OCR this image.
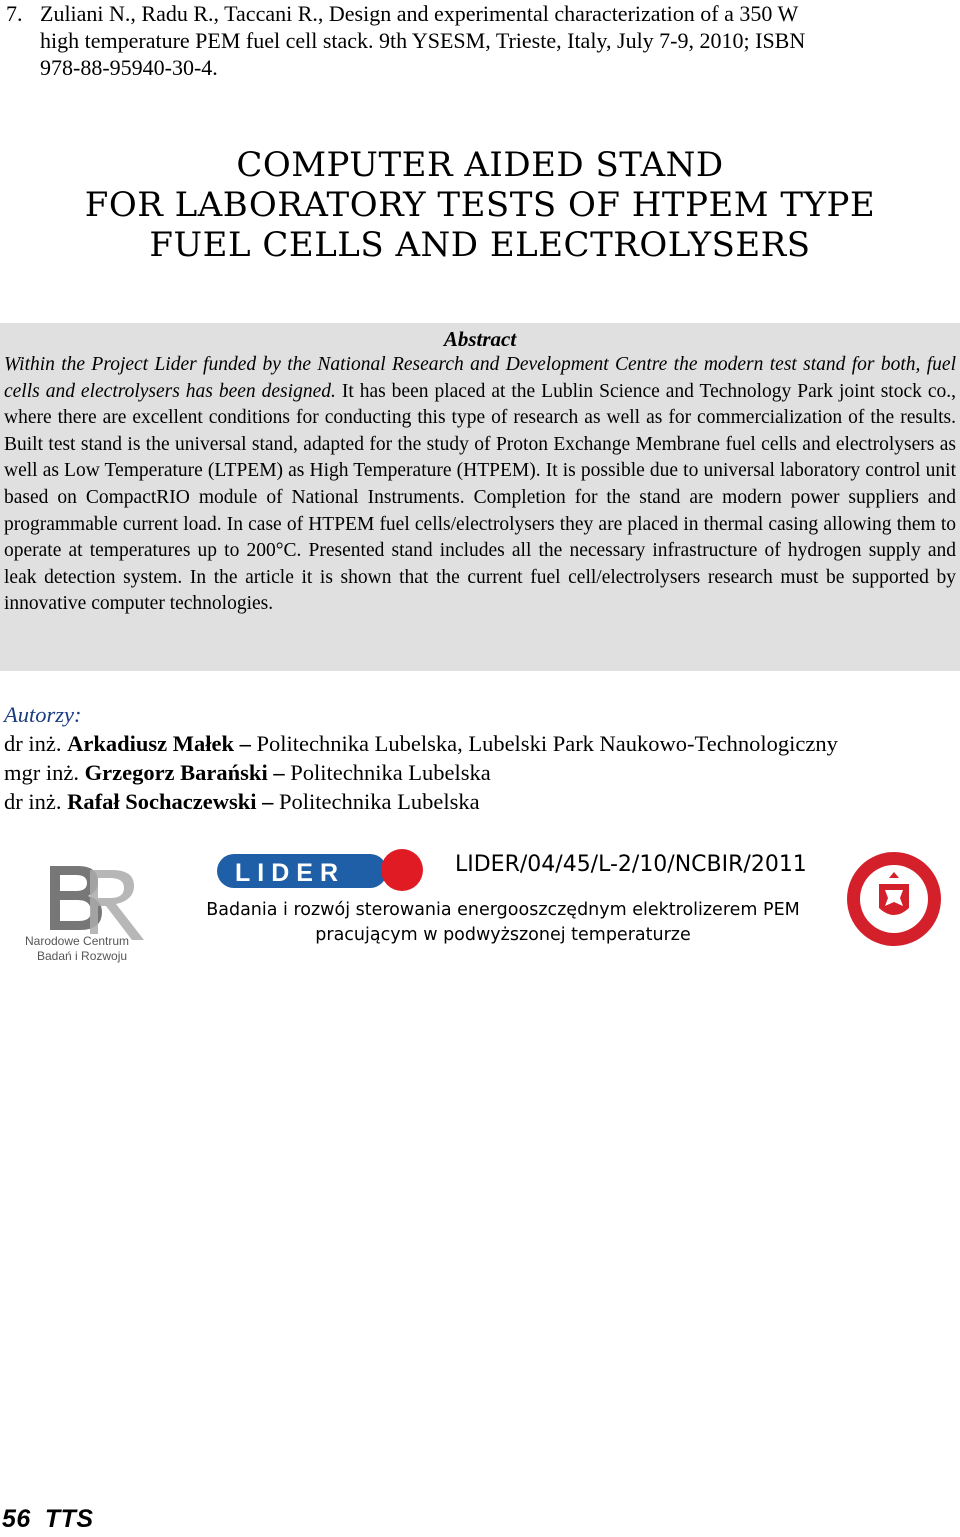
7. Zuliani N., Radu R., Taccani R., Design and experimental characterization of a 350 W
high temperature PEM fuel cell stack. 9th YSESM, Trieste, Italy, July 7-9, 2010; ISBN
978-88-95940-30-4.
COMPUTER AIDED STAND
FOR LABORATORY TESTS OF HTPEM TYPE
FUEL CELLS AND ELECTROLYSERS
Abstract
Within the Project Lider funded by the National Research and Development Centre the modern test stand for both, fuel cells and electrolysers has been designed. It has been placed at the Lublin Science and Technology Park joint stock co., where there are excellent conditions for conducting this type of research as well as for commercialization of the results. Built test stand is the universal stand, adapted for the study of Proton Exchange Membrane fuel cells and electrolysers as well as Low Temperature (LTPEM) as High Temperature (HTPEM). It is possible due to universal laboratory control unit based on CompactRIO module of National Instruments. Completion for the stand are modern power suppliers and programmable current load. In case of HTPEM fuel cells/electrolysers they are placed in thermal casing allowing them to operate at temperatures up to 200°C. Presented stand includes all the necessary infrastructure of hydrogen supply and leak detection system. In the article it is shown that the current fuel cell/electrolysers research must be supported by innovative computer technologies.
Autorzy:
dr inż. Arkadiusz Małek – Politechnika Lubelska, Lubelski Park Naukowo-Technologiczny
mgr inż. Grzegorz Barański – Politechnika Lubelska
dr inż. Rafał Sochaczewski – Politechnika Lubelska
Narodowe Centrum
Badań i Rozwoju
LIDER	LIDER/04/45/L-2/10/NCBIR/2011
Badania i rozwój sterowania energooszczędnym elektrolizerem PEM
pracującym w podwyższonej temperaturze
56 TTS
